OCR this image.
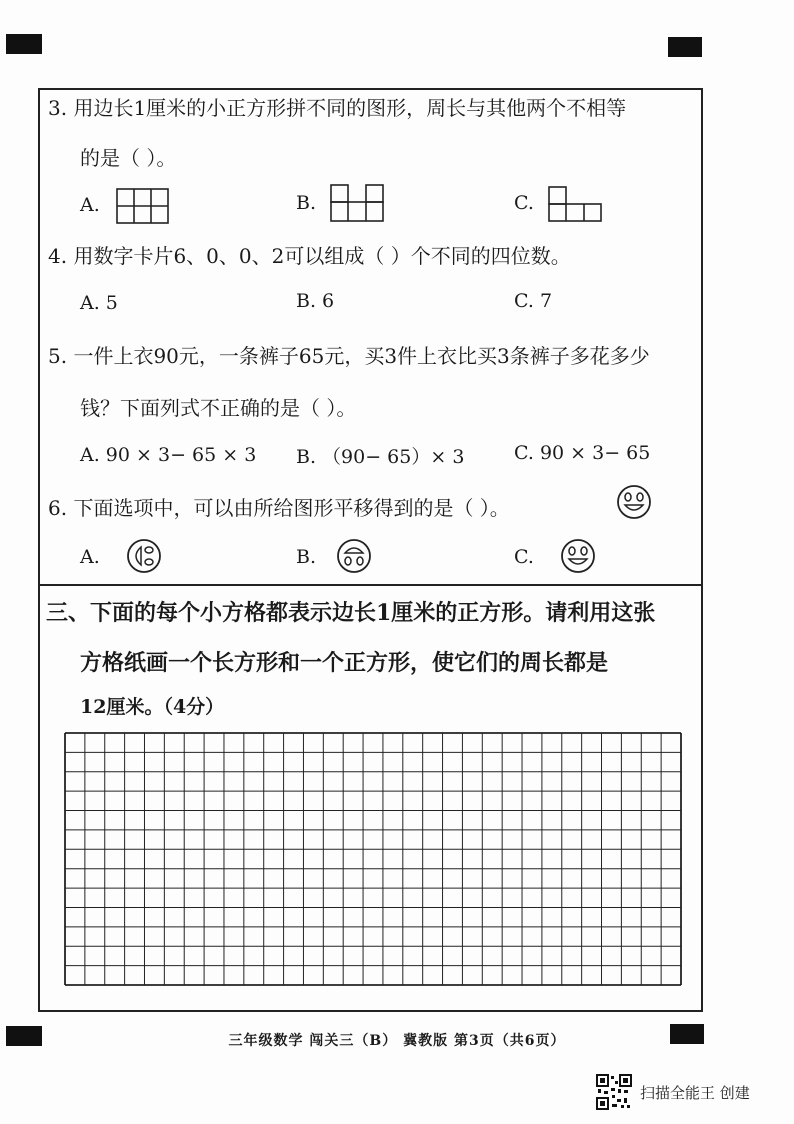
3. 用边长1厘米的小正方形拼不同的图形，周长与其他两个不相等
的是（ ）。
A.	B.	C.
4. 用数字卡片6、0、0、2可以组成（ ）个不同的四位数。
A. 5	B. 6	C. 7
5. 一件上衣90元，一条裤子65元，买3件上衣比买3条裤子多花多少
钱？下面列式不正确的是（ ）。
A. 90 × 3− 65 × 3 B. （90− 65）× 3	C. 90 × 3− 65
6. 下面选项中，可以由所给图形平移得到的是（ ）。
A.	B.	C.
三、下面的每个小方格都表示边长1厘米的正方形。请利用这张
方格纸画一个长方形和一个正方形，使它们的周长都是
12厘米。（4分）
三年级数学 闯关三（B） 冀教版 第3页（共6页）
扫描全能王 创建
